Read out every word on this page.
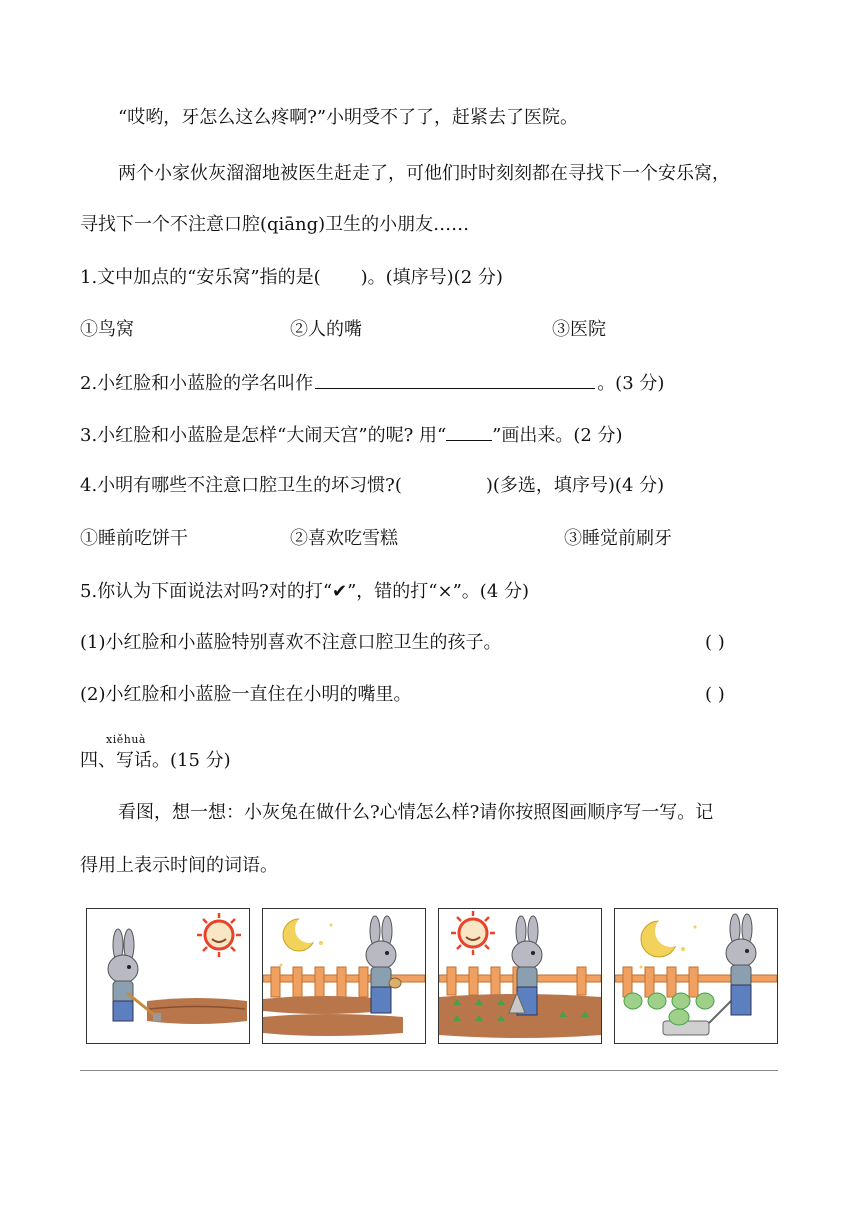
“哎哟，牙怎么这么疼啊?”小明受不了了，赶紧去了医院。
两个小家伙灰溜溜地被医生赶走了，可他们时时刻刻都在寻找下一个安乐窝，
寻找下一个不注意口腔(qiāng)卫生的小朋友……
1.文中加点的“安乐窝”指的是( )。(填序号)(2 分)
①鸟窝	②人的嘴	③医院
2.小红脸和小蓝脸的学名叫作	。(3 分)
3.小红脸和小蓝脸是怎样“大闹天宫”的呢? 用“	”画出来。(2 分)
4.小明有哪些不注意口腔卫生的坏习惯?(	)(多选，填序号)(4 分)
①睡前吃饼干	②喜欢吃雪糕	③睡觉前刷牙
5.你认为下面说法对吗?对的打“✔”，错的打“×”。(4 分)
(1)小红脸和小蓝脸特别喜欢不注意口腔卫生的孩子。	( )
(2)小红脸和小蓝脸一直住在小明的嘴里。	( )
xiěhuà
四、写话。(15 分)
看图，想一想：小灰兔在做什么?心情怎么样?请你按照图画顺序写一写。记
得用上表示时间的词语。
